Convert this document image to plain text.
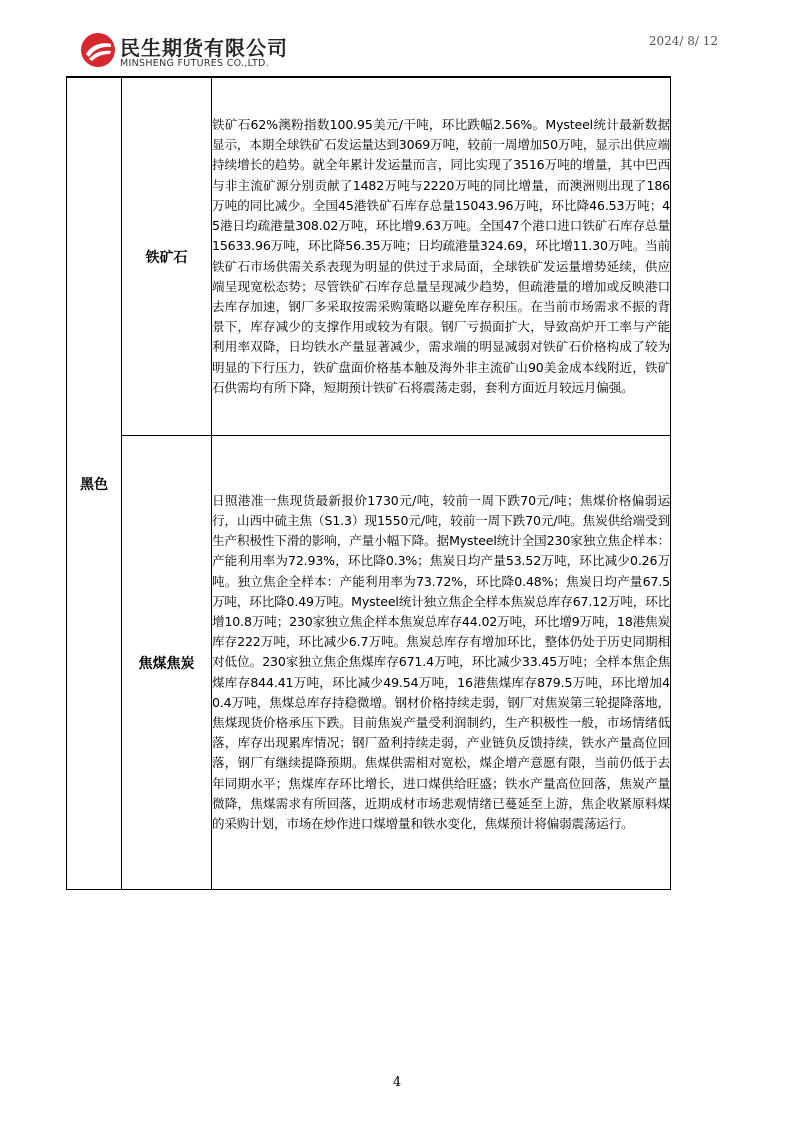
民生期货有限公司
MINSHENG FUTURES CO.,LTD.
2024/ 8/ 12
黑色	铁矿石	铁矿石62%澳粉指数100.95美元/干吨，环比跌幅2.56%。Mysteel统计最新数据显示，本期全球铁矿石发运量达到3069万吨，较前一周增加50万吨，显示出供应端持续增长的趋势。就全年累计发运量而言，同比实现了3516万吨的增量，其中巴西与非主流矿源分别贡献了1482万吨与2220万吨的同比增量，而澳洲则出现了186万吨的同比减少。全国45港铁矿石库存总量15043.96万吨，环比降46.53万吨；45港日均疏港量308.02万吨，环比增9.63万吨。全国47个港口进口铁矿石库存总量15633.96万吨，环比降56.35万吨；日均疏港量324.69，环比增11.30万吨。当前铁矿石市场供需关系表现为明显的供过于求局面，全球铁矿发运量增势延续，供应端呈现宽松态势；尽管铁矿石库存总量呈现减少趋势，但疏港量的增加或反映港口去库存加速，钢厂多采取按需采购策略以避免库存积压。在当前市场需求不振的背景下，库存减少的支撑作用或较为有限。钢厂亏损面扩大，导致高炉开工率与产能利用率双降，日均铁水产量显著减少，需求端的明显减弱对铁矿石价格构成了较为明显的下行压力，铁矿盘面价格基本触及海外非主流矿山90美金成本线附近，铁矿石供需均有所下降，短期预计铁矿石将震荡走弱，套利方面近月较远月偏强。
	焦煤焦炭	日照港准一焦现货最新报价1730元/吨，较前一周下跌70元/吨；焦煤价格偏弱运行，山西中硫主焦（S1.3）现1550元/吨，较前一周下跌70元/吨。焦炭供给端受到生产积极性下滑的影响，产量小幅下降。据Mysteel统计全国230家独立焦企样本：产能利用率为72.93%，环比降0.3%；焦炭日均产量53.52万吨，环比减少0.26万吨。独立焦企全样本：产能利用率为73.72%，环比降0.48%；焦炭日均产量67.5万吨，环比降0.49万吨。Mysteel统计独立焦企全样本焦炭总库存67.12万吨，环比增10.8万吨；230家独立焦企样本焦炭总库存44.02万吨，环比增9万吨，18港焦炭库存222万吨，环比减少6.7万吨。焦炭总库存有增加环比，整体仍处于历史同期相对低位。230家独立焦企焦煤库存671.4万吨，环比减少33.45万吨；全样本焦企焦煤库存844.41万吨，环比减少49.54万吨，16港焦煤库存879.5万吨，环比增加40.4万吨，焦煤总库存持稳微增。钢材价格持续走弱，钢厂对焦炭第三轮提降落地，焦煤现货价格承压下跌。目前焦炭产量受利润制约，生产积极性一般，市场情绪低落，库存出现累库情况；钢厂盈利持续走弱，产业链负反馈持续，铁水产量高位回落，钢厂有继续提降预期。焦煤供需相对宽松，煤企增产意愿有限，当前仍低于去年同期水平；焦煤库存环比增长，进口煤供给旺盛；铁水产量高位回落，焦炭产量微降，焦煤需求有所回落，近期成材市场悲观情绪已蔓延至上游，焦企收紧原料煤的采购计划，市场在炒作进口煤增量和铁水变化，焦煤预计将偏弱震荡运行。
4
